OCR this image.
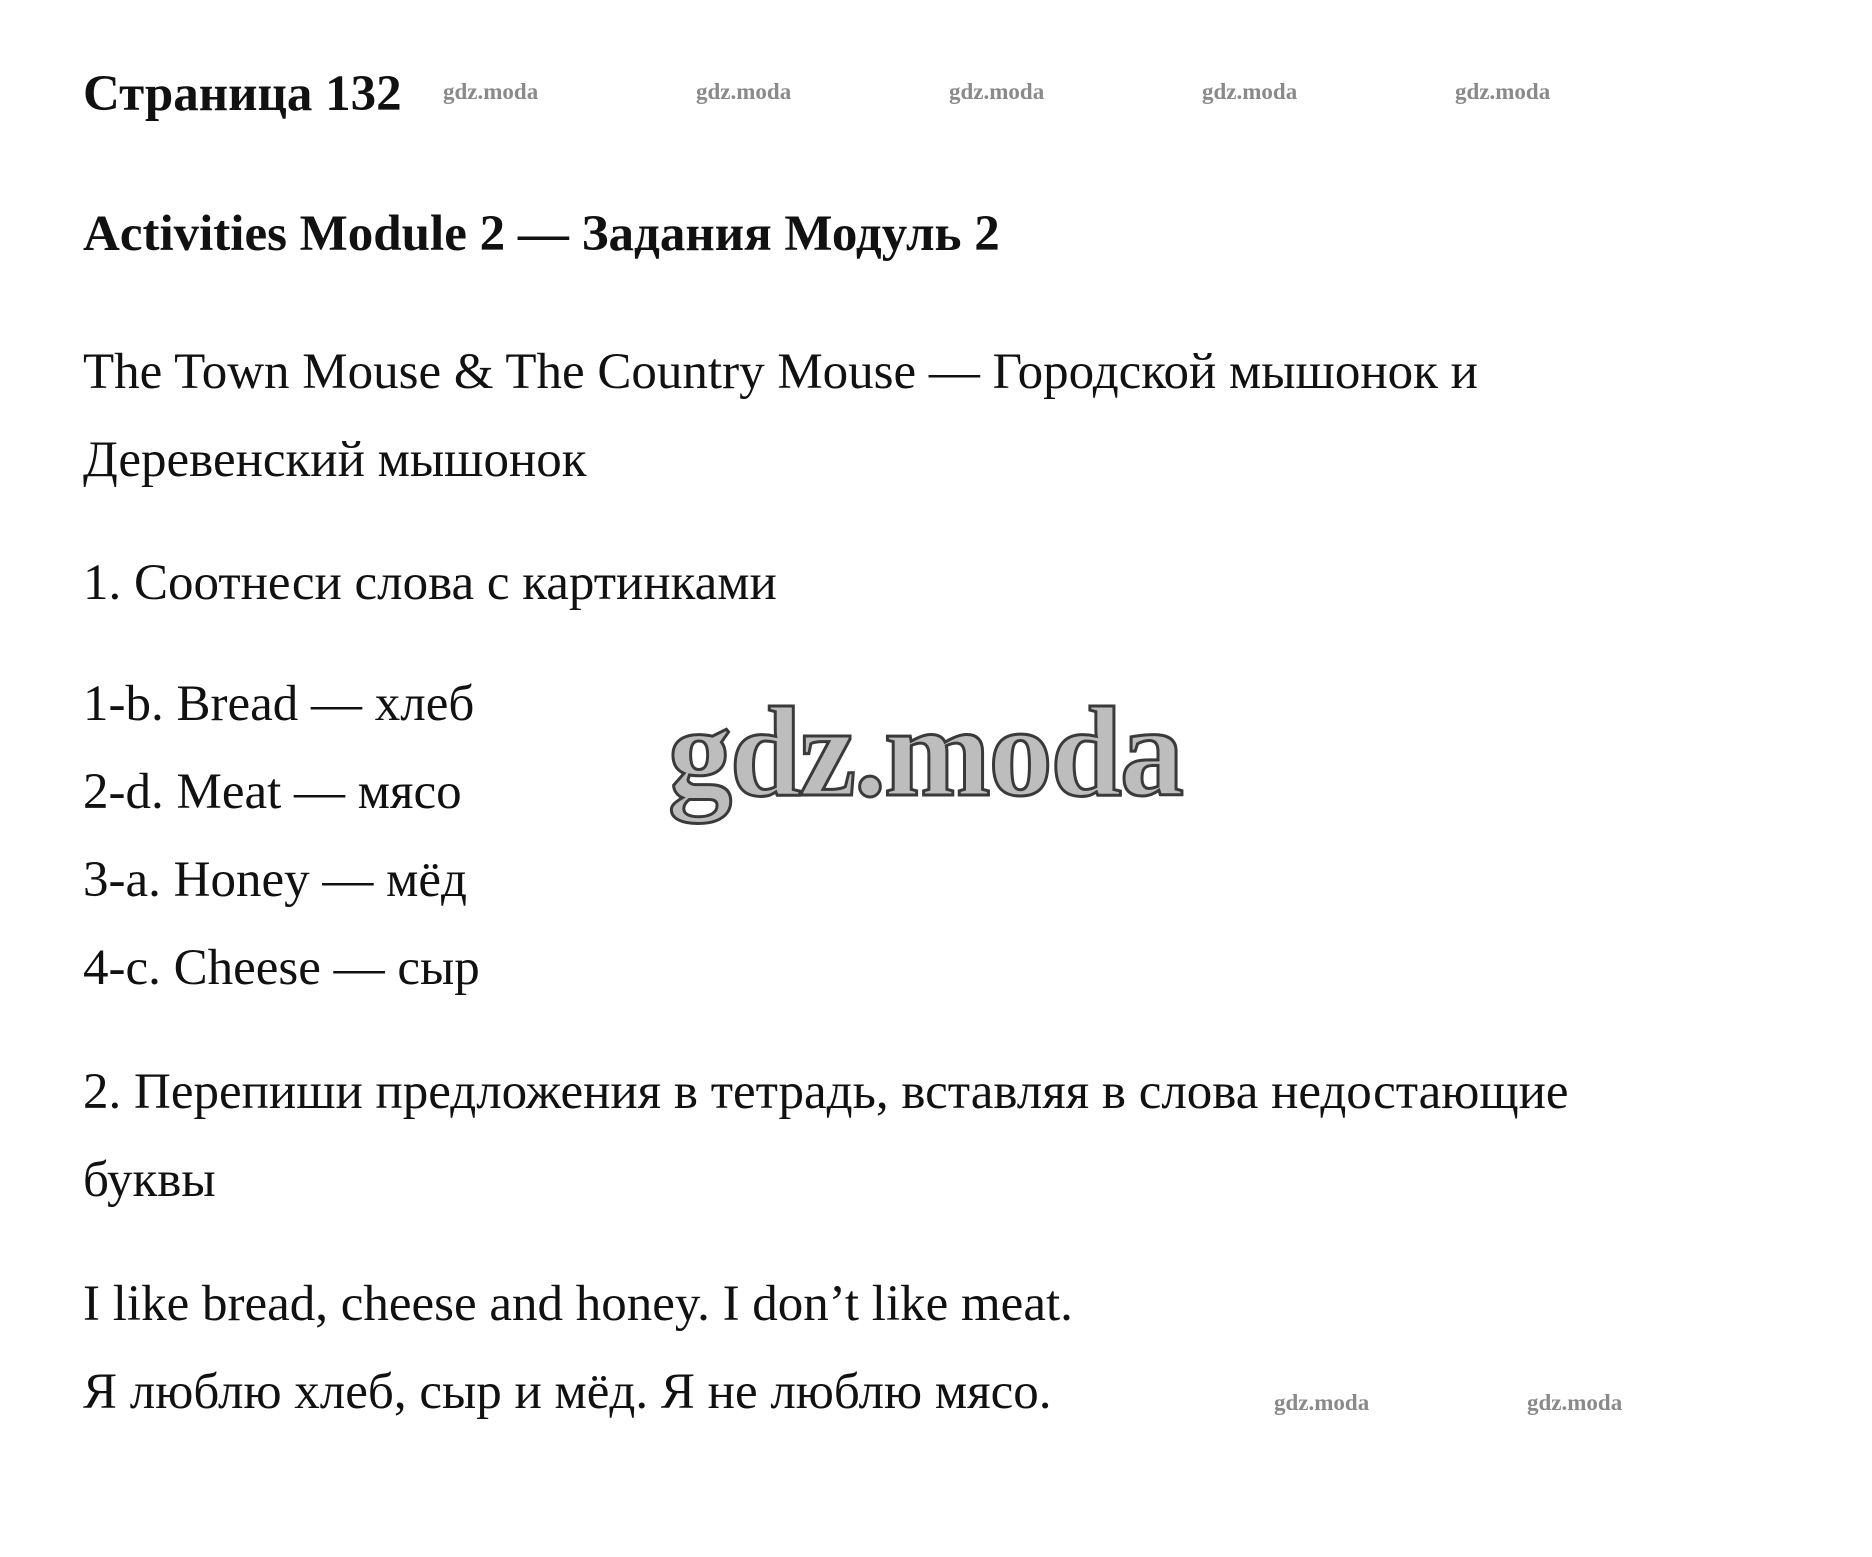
Страница 132 gdz.moda	gdz.moda	gdz.moda	gdz.moda	gdz.moda
Activities Module 2 — Задания Модуль 2

The Town Mouse & The Country Mouse — Городской мышонок и

Деревенский мышонок

1. Соотнеси слова с картинками

1-b. Bread — хлеб

2-d. Meat — мясо

3-a. Honey — мёд

4-c. Cheese — сыр

gdz.moda

2. Перепиши предложения в тетрадь, вставляя в слова недостающие

буквы

I like bread, cheese and honey. I don’t like meat.

Я люблю хлеб, сыр и мёд. Я не люблю мясо.	gdz.moda	gdz.moda
